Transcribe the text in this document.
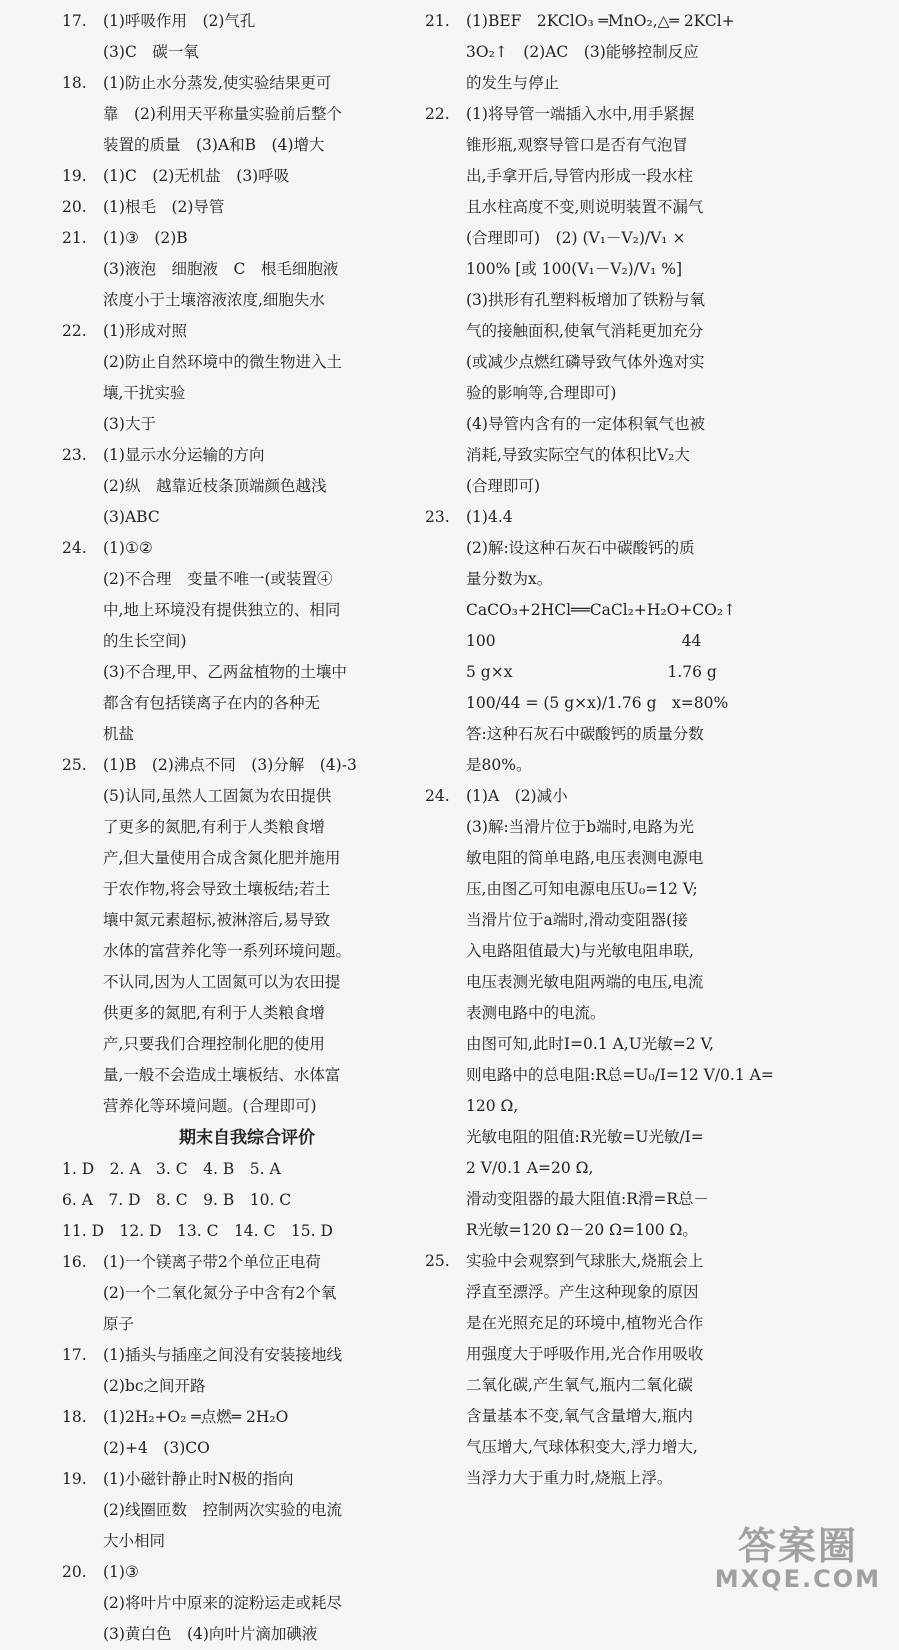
17. (1)呼吸作用　(2)气孔
(3)C　碳一氧
18. (1)防止水分蒸发,使实验结果更可
靠　(2)利用天平称量实验前后整个
装置的质量　(3)A和B　(4)增大
19. (1)C　(2)无机盐　(3)呼吸
20. (1)根毛　(2)导管
21. (1)③　(2)B
(3)液泡　细胞液　C　根毛细胞液
浓度小于土壤溶液浓度,细胞失水
22. (1)形成对照
(2)防止自然环境中的微生物进入土
壤,干扰实验
(3)大于
23. (1)显示水分运输的方向
(2)纵　越靠近枝条顶端颜色越浅
(3)ABC
24. (1)①②
(2)不合理　变量不唯一(或装置④
中,地上环境没有提供独立的、相同
的生长空间)
(3)不合理,甲、乙两盆植物的土壤中
都含有包括镁离子在内的各种无
机盐
25. (1)B　(2)沸点不同　(3)分解　(4)-3
(5)认同,虽然人工固氮为农田提供
了更多的氮肥,有利于人类粮食增
产,但大量使用合成含氮化肥并施用
于农作物,将会导致土壤板结;若土
壤中氮元素超标,被淋溶后,易导致
水体的富营养化等一系列环境问题。
不认同,因为人工固氮可以为农田提
供更多的氮肥,有利于人类粮食增
产,只要我们合理控制化肥的使用
量,一般不会造成土壤板结、水体富
营养化等环境问题。(合理即可)
期末自我综合评价
1. D　2. A　3. C　4. B　5. A
6. A　7. D　8. C　9. B　10. C
11. D　12. D　13. C　14. C　15. D
16. (1)一个镁离子带2个单位正电荷
(2)一个二氧化氮分子中含有2个氧
原子
17. (1)插头与插座之间没有安装接地线
(2)bc之间开路
18. (1)2H₂+O₂ ═点燃═ 2H₂O
(2)+4　(3)CO
19. (1)小磁针静止时N极的指向
(2)线圈匝数　控制两次实验的电流
大小相同
20. (1)③
(2)将叶片中原来的淀粉运走或耗尽
(3)黄白色　(4)向叶片滴加碘液
21. (1)BEF　2KClO₃ ═MnO₂,△═ 2KCl+
3O₂↑　(2)AC　(3)能够控制反应
的发生与停止
22. (1)将导管一端插入水中,用手紧握
锥形瓶,观察导管口是否有气泡冒
出,手拿开后,导管内形成一段水柱
且水柱高度不变,则说明装置不漏气
(合理即可)　(2) (V₁－V₂)/V₁ ×
100% [或 100(V₁－V₂)/V₁ %]
(3)拱形有孔塑料板增加了铁粉与氧
气的接触面积,使氧气消耗更加充分
(或减少点燃红磷导致气体外逸对实
验的影响等,合理即可)
(4)导管内含有的一定体积氧气也被
消耗,导致实际空气的体积比V₂大
(合理即可)
23. (1)4.4
(2)解:设这种石灰石中碳酸钙的质
量分数为x。
CaCO₃+2HCl══CaCl₂+H₂O+CO₂↑
100　　　　　　　　　　　　44
5 g×x　　　　　　　　　　1.76 g
100/44 = (5 g×x)/1.76 g　x=80%
答:这种石灰石中碳酸钙的质量分数
是80%。
24. (1)A　(2)减小
(3)解:当滑片位于b端时,电路为光
敏电阻的简单电路,电压表测电源电
压,由图乙可知电源电压U₀=12 V;
当滑片位于a端时,滑动变阻器(接
入电路阻值最大)与光敏电阻串联,
电压表测光敏电阻两端的电压,电流
表测电路中的电流。
由图可知,此时I=0.1 A,U光敏=2 V,
则电路中的总电阻:R总=U₀/I=12 V/0.1 A=
120 Ω,
光敏电阻的阻值:R光敏=U光敏/I=
2 V/0.1 A=20 Ω,
滑动变阻器的最大阻值:R滑=R总－
R光敏=120 Ω－20 Ω=100 Ω。
25. 实验中会观察到气球胀大,烧瓶会上
浮直至漂浮。产生这种现象的原因
是在光照充足的环境中,植物光合作
用强度大于呼吸作用,光合作用吸收
二氧化碳,产生氧气,瓶内二氧化碳
含量基本不变,氧气含量增大,瓶内
气压增大,气球体积变大,浮力增大,
当浮力大于重力时,烧瓶上浮。
答案圈
MXQE.COM
